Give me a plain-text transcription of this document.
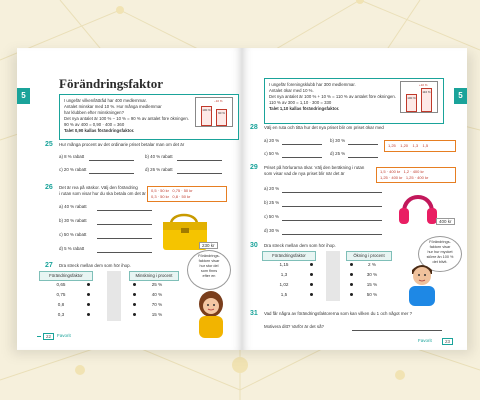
5
Förändringsfaktor
I ungefär vilken/lättråd har 400 medlemmar.
Antalet minskar med 10 %. Hur många medlemmar
har klubben efter minskningen?
Det nya antalet är 100 % − 10 % = 90 % av antalet före ökningen.
90 % av 400 = 0,90 · 400 = 360
Talet 0,90 kallas förändringsfaktor.
100 %
90 %
−10 %
25 Hur många procent av det ordinarie priset betalar man om det är
a) 8 % rabatt	b) 40 % rabatt
c) 20 % rabatt	d) 26 % rabatt
26 Det är rea på väskor. Välj den förändring
i rutan som visar hur du ska betala om det är
0,5 · 50 kr 0,75 · 50 kr
0,3 · 50 kr 0,8 · 50 kr
a) 40 % rabatt
b) 30 % rabatt
c) 50 % rabatt
d) 5 % rabatt
230 kr
27 Dra streck mellan dem som hör ihop.
Förändringsfaktor	Minskning i procent
0,65	25 %
0,75	40 %
0,8	70 %
0,3	15 %
Förändrings-
faktorn visar
hur stor del
som finns
efter en
22	Favorit
5
I ungefär foreningsklubb har 300 medlemmar.
Antalet ökar med 10 %.
Det nya antalet är 100 % + 10 % = 110 % av antalet före ökningen.
110 % av 300 = 1,10 · 300 = 330
Talet 1,10 kallas förändringsfaktor.
100 %
110 %
+10 %
28 Välj en ruta och titta hur det nya priset blir om priset ökar med
a) 20 %	b) 30 %
c) 50 %	d) 25 %
1,25 1,20 1,3 1,5
29 Priset på hörlurarna ökar. Välj den beräkning i rutan
som visar vad de nya priset blir när det är	1,5 · 400 kr 1,2 · 400 kr
1,25 · 400 kr 1,25 · 400 kr
a) 20 %
b) 25 %
c) 50 %
d) 30 %
400 kr
30 Dra streck mellan dem som hör ihop.
Förändringsfaktor	Ökning i procent
1,15	2 %
1,3	30 %
1,02	15 %
1,5	50 %
Förändrings-
faktorn visar
hur hur mycket
större än 100 %
det blivit.
31 Vad får några av förändringsfaktorerna som kan vilken du 1 och något mer ?
Motivera ditt? Varför är det så?
Favorit	23
